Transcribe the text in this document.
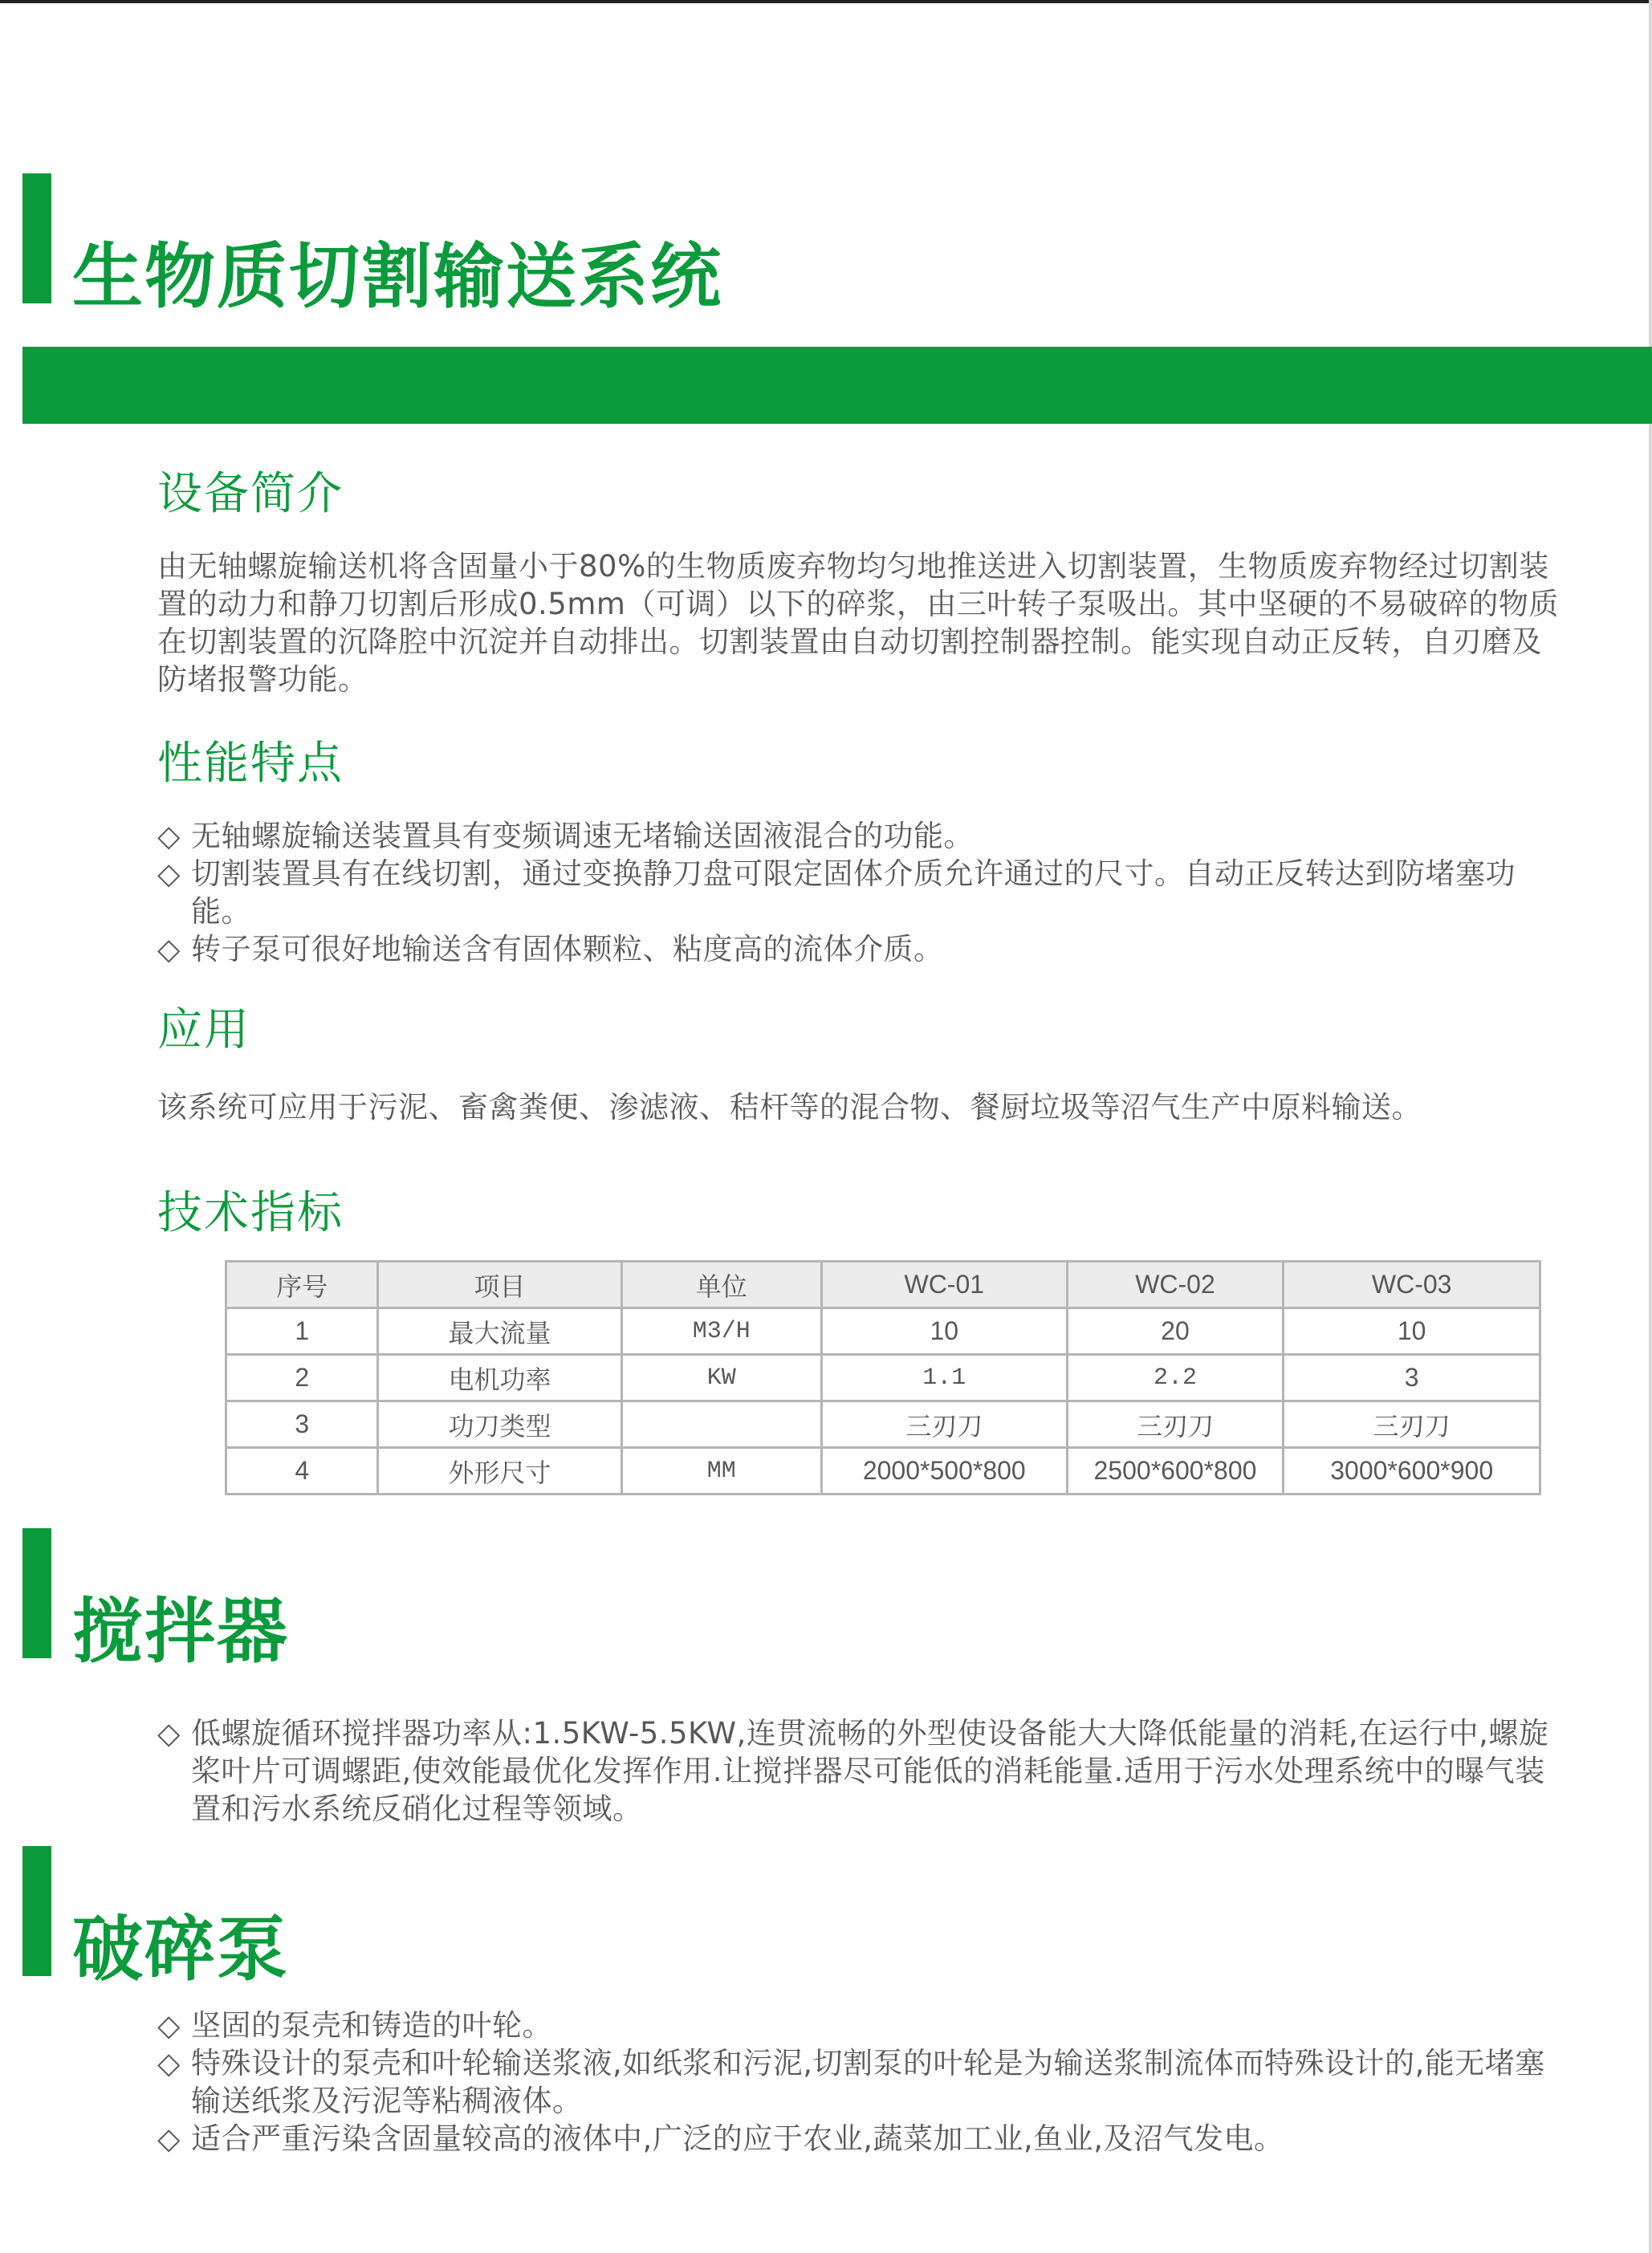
生物质切割输送系统
设备简介

由无轴螺旋输送机将含固量小于80%的生物质废弃物均匀地推送进入切割装置，生物质废弃物经过切割装置的动力和静刀切割后形成0.5mm（可调）以下的碎浆，由三叶转子泵吸出。其中坚硬的不易破碎的物质在切割装置的沉降腔中沉淀并自动排出。切割装置由自动切割控制器控制。能实现自动正反转，自刃磨及防堵报警功能。

性能特点
◇ 无轴螺旋输送装置具有变频调速无堵输送固液混合的功能。
◇ 切割装置具有在线切割，通过变换静刀盘可限定固体介质允许通过的尺寸。自动正反转达到防堵塞功能。
◇ 转子泵可很好地输送含有固体颗粒、粘度高的流体介质。
应用

该系统可应用于污泥、畜禽粪便、渗滤液、秸杆等的混合物、餐厨垃圾等沼气生产中原料输送。

技术指标
序号	项目	单位	WC-01	WC-02	WC-03
1	最大流量	M3/H	10	20	10
2	电机功率	KW	1.1	2.2	3
3	功刀类型		三刃刀	三刃刀	三刃刀
4	外形尺寸	MM	2000*500*800	2500*600*800	3000*600*900
搅拌器
◇ 低螺旋循环搅拌器功率从:1.5KW-5.5KW,连贯流畅的外型使设备能大大降低能量的消耗,在运行中,螺旋桨叶片可调螺距,使效能最优化发挥作用.让搅拌器尽可能低的消耗能量.适用于污水处理系统中的曝气装置和污水系统反硝化过程等领域。
破碎泵
◇ 坚固的泵壳和铸造的叶轮。
◇ 特殊设计的泵壳和叶轮输送浆液,如纸浆和污泥,切割泵的叶轮是为输送浆制流体而特殊设计的,能无堵塞输送纸浆及污泥等粘稠液体。
◇ 适合严重污染含固量较高的液体中,广泛的应于农业,蔬菜加工业,鱼业,及沼气发电。
